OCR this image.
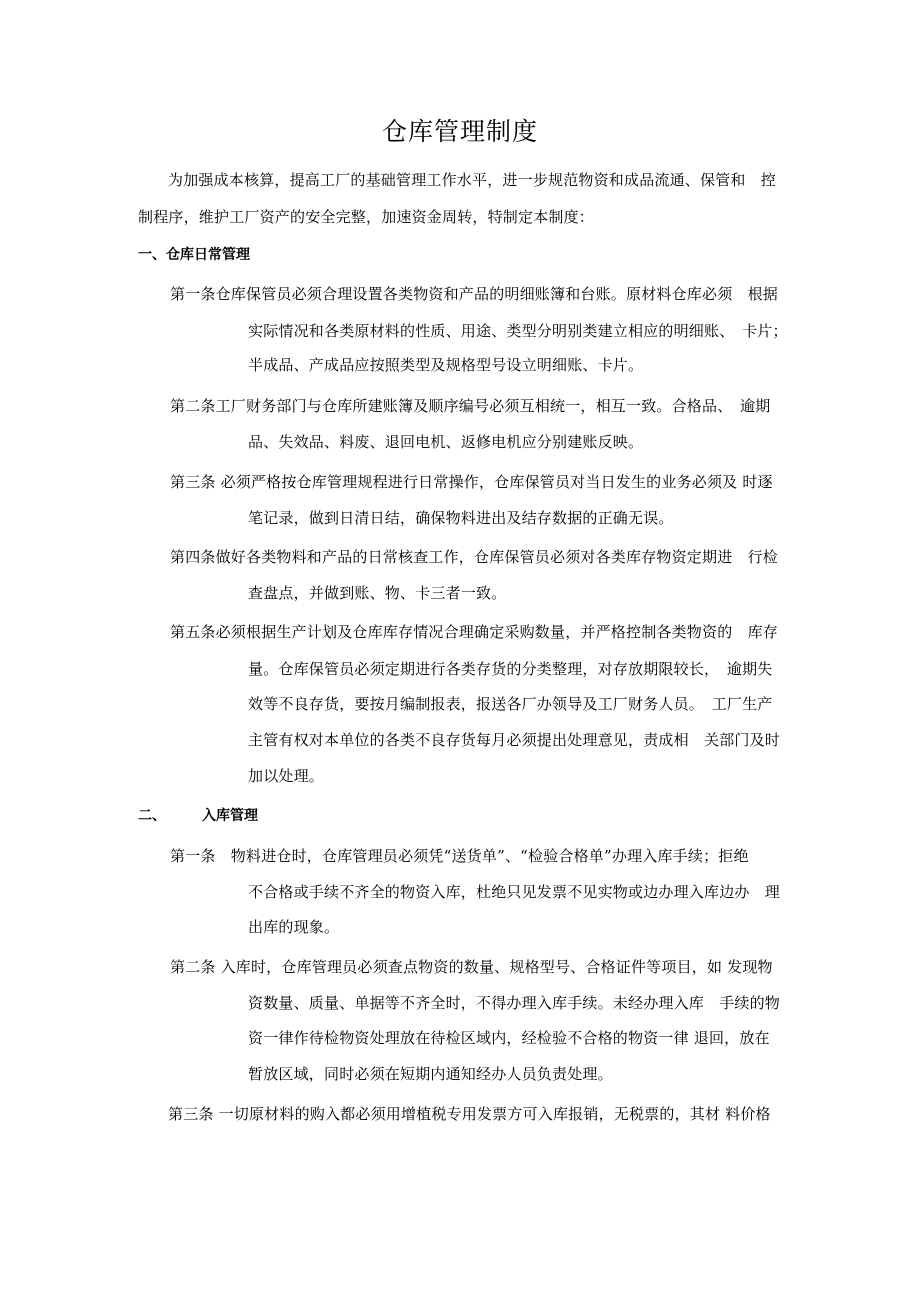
仓库管理制度
为加强成本核算，提高工厂的基础管理工作水平，进一步规范物资和成品流通、保管和　控
制程序，维护工厂资产的安全完整，加速资金周转，特制定本制度：
一、仓库日常管理
第一条仓库保管员必须合理设置各类物资和产品的明细账簿和台账。原材料仓库必须　根据
实际情况和各类原材料的性质、用途、类型分明别类建立相应的明细账、　卡片；
半成品、产成品应按照类型及规格型号设立明细账、卡片。
第二条工厂财务部门与仓库所建账簿及顺序编号必须互相统一，相互一致。合格品、　逾期
品、失效品、料废、退回电机、返修电机应分别建账反映。
第三条 必须严格按仓库管理规程进行日常操作，仓库保管员对当日发生的业务必须及 时逐
笔记录，做到日清日结，确保物料进出及结存数据的正确无误。
第四条做好各类物料和产品的日常核查工作，仓库保管员必须对各类库存物资定期进　行检
查盘点，并做到账、物、卡三者一致。
第五条必须根据生产计划及仓库库存情况合理确定采购数量，并严格控制各类物资的　库存
量。仓库保管员必须定期进行各类存货的分类整理，对存放期限较长，　逾期失
效等不良存货，要按月编制报表，报送各厂办领导及工厂财务人员。　工厂生产
主管有权对本单位的各类不良存货每月必须提出处理意见，责成相　关部门及时
加以处理。
二、	入库管理
第一条　物料进仓时，仓库管理员必须凭“送货单”、“检验合格单”办理入库手续；拒绝
不合格或手续不齐全的物资入库，杜绝只见发票不见实物或边办理入库边办　理
出库的现象。
第二条 入库时，仓库管理员必须查点物资的数量、规格型号、合格证件等项目，如 发现物
资数量、质量、单据等不齐全时，不得办理入库手续。未经办理入库　手续的物
资一律作待检物资处理放在待检区域内，经检验不合格的物资一律 退回，放在
暂放区域，同时必须在短期内通知经办人员负责处理。
第三条 一切原材料的购入都必须用增植税专用发票方可入库报销，无税票的，其材 料价格
